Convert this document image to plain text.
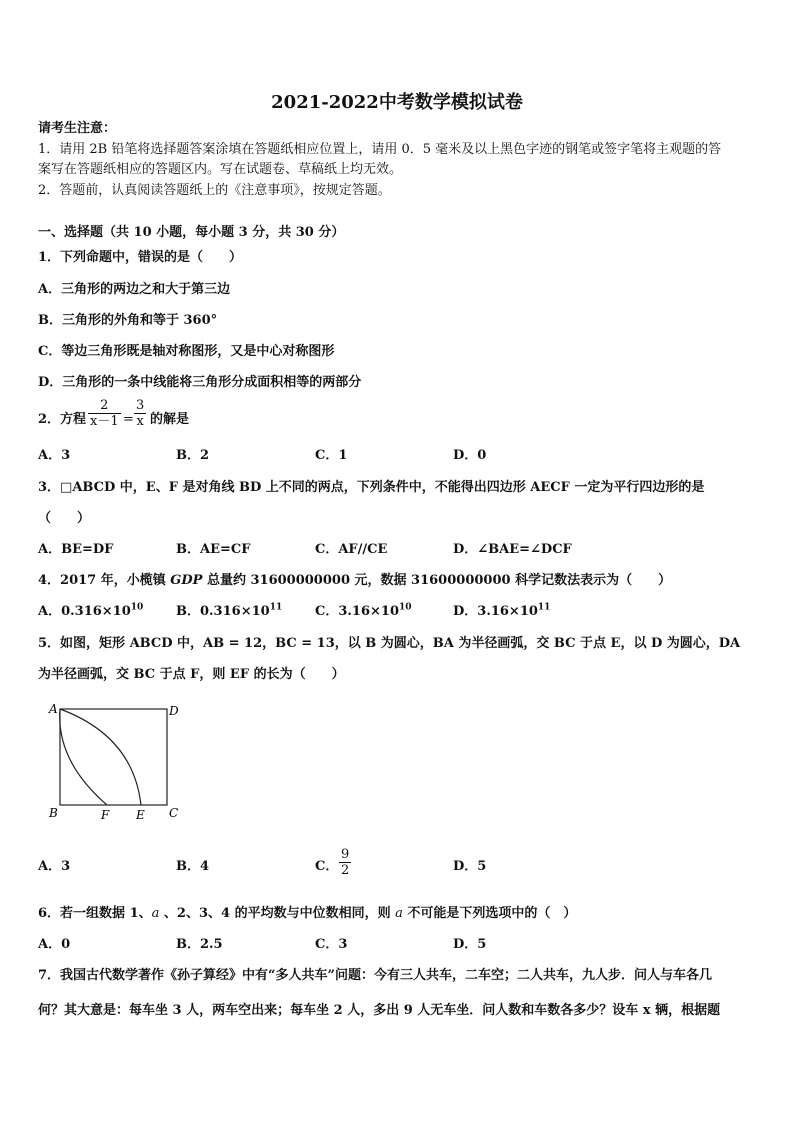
2021-2022中考数学模拟试卷
请考生注意：
1．请用 2B 铅笔将选择题答案涂填在答题纸相应位置上，请用 0．5 毫米及以上黑色字迹的钢笔或签字笔将主观题的答
案写在答题纸相应的答题区内。写在试题卷、草稿纸上均无效。
2．答题前，认真阅读答题纸上的《注意事项》，按规定答题。
一、选择题（共 10 小题，每小题 3 分，共 30 分）
1．下列命题中，错误的是（　　）
A．三角形的两边之和大于第三边
B．三角形的外角和等于 360°
C．等边三角形既是轴对称图形，又是中心对称图形
D．三角形的一条中线能将三角形分成面积相等的两部分
2．方程 $\frac{2}{x-1} = \frac{3}{x}$ 的解是
A．3	B．2	C．1	D．0
3．□ABCD 中，E、F 是对角线 BD 上不同的两点，下列条件中，不能得出四边形 AECF 一定为平行四边形的是
（　　）
A．BE=DF	B．AE=CF	C．AF//CE	D．∠BAE=∠DCF
4．2017 年，小榄镇 GDP 总量约 31600000000 元，数据 31600000000 科学记数法表示为（　　）
A．$0.316\times 10^{10}$	B．$0.316\times 10^{11}$	C．$3.16\times 10^{10}$	D．$3.16\times 10^{11}$
5．如图，矩形 ABCD 中，AB = 12，BC = 13，以 B 为圆心，BA 为半径画弧，交 BC 于点 E，以 D 为圆心，DA
为半径画弧，交 BC 于点 F，则 EF 的长为（　　）
A	D
B	C
F E
A．3	B．4	C． $\frac{9}{2}$	D．5
6．若一组数据 1、a 、2、3、4 的平均数与中位数相同，则 a 不可能是下列选项中的（　）
A．0	B．2.5	C．3	D．5
7．我国古代数学著作《孙子算经》中有“多人共车”问题：今有三人共车，二车空；二人共车，九人步．问人与车各几
何？其大意是：每车坐 3 人，两车空出来；每车坐 2 人，多出 9 人无车坐．问人数和车数各多少？设车 x 辆，根据题
